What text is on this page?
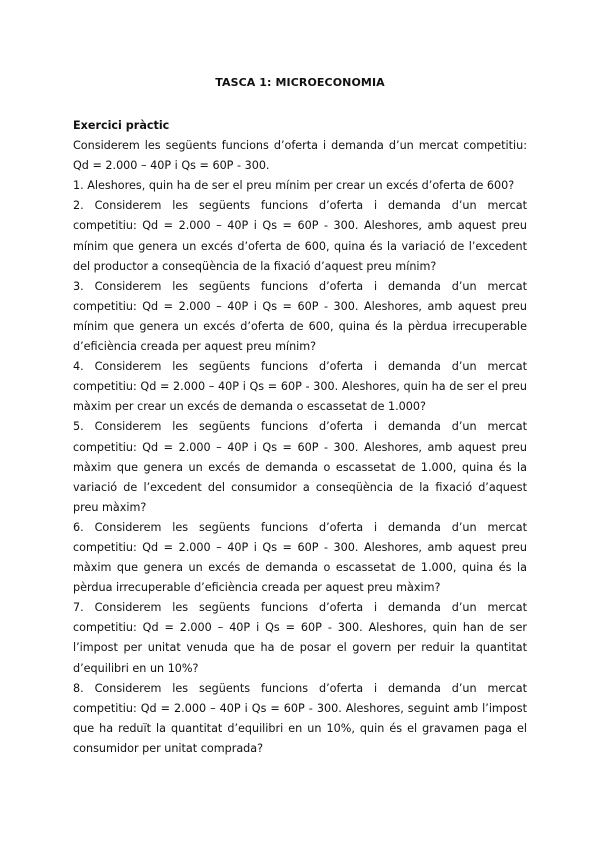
TASCA 1: MICROECONOMIA

Exercici pràctic

Considerem les següents funcions d’oferta i demanda d’un mercat competitiu: Qd = 2.000 – 40P i Qs = 60P - 300.

1. Aleshores, quin ha de ser el preu mínim per crear un excés d’oferta de 600?

2. Considerem les següents funcions d’oferta i demanda d’un mercat competitiu: Qd = 2.000 – 40P i Qs = 60P - 300. Aleshores, amb aquest preu mínim que genera un excés d’oferta de 600, quina és la variació de l’excedent del productor a conseqüència de la fixació d’aquest preu mínim?

3. Considerem les següents funcions d’oferta i demanda d’un mercat competitiu: Qd = 2.000 – 40P i Qs = 60P - 300. Aleshores, amb aquest preu mínim que genera un excés d’oferta de 600, quina és la pèrdua irrecuperable d’eficiència creada per aquest preu mínim?

4. Considerem les següents funcions d’oferta i demanda d’un mercat competitiu: Qd = 2.000 – 40P i Qs = 60P - 300. Aleshores, quin ha de ser el preu màxim per crear un excés de demanda o escassetat de 1.000?

5. Considerem les següents funcions d’oferta i demanda d’un mercat competitiu: Qd = 2.000 – 40P i Qs = 60P - 300. Aleshores, amb aquest preu màxim que genera un excés de demanda o escassetat de 1.000, quina és la variació de l’excedent del consumidor a conseqüència de la fixació d’aquest preu màxim?

6. Considerem les següents funcions d’oferta i demanda d’un mercat competitiu: Qd = 2.000 – 40P i Qs = 60P - 300. Aleshores, amb aquest preu màxim que genera un excés de demanda o escassetat de 1.000, quina és la pèrdua irrecuperable d’eficiència creada per aquest preu màxim?

7. Considerem les següents funcions d’oferta i demanda d’un mercat competitiu: Qd = 2.000 – 40P i Qs = 60P - 300. Aleshores, quin han de ser l’impost per unitat venuda que ha de posar el govern per reduir la quantitat d’equilibri en un 10%?

8. Considerem les següents funcions d’oferta i demanda d’un mercat competitiu: Qd = 2.000 – 40P i Qs = 60P - 300. Aleshores, seguint amb l’impost que ha reduït la quantitat d’equilibri en un 10%, quin és el gravamen paga el consumidor per unitat comprada?
